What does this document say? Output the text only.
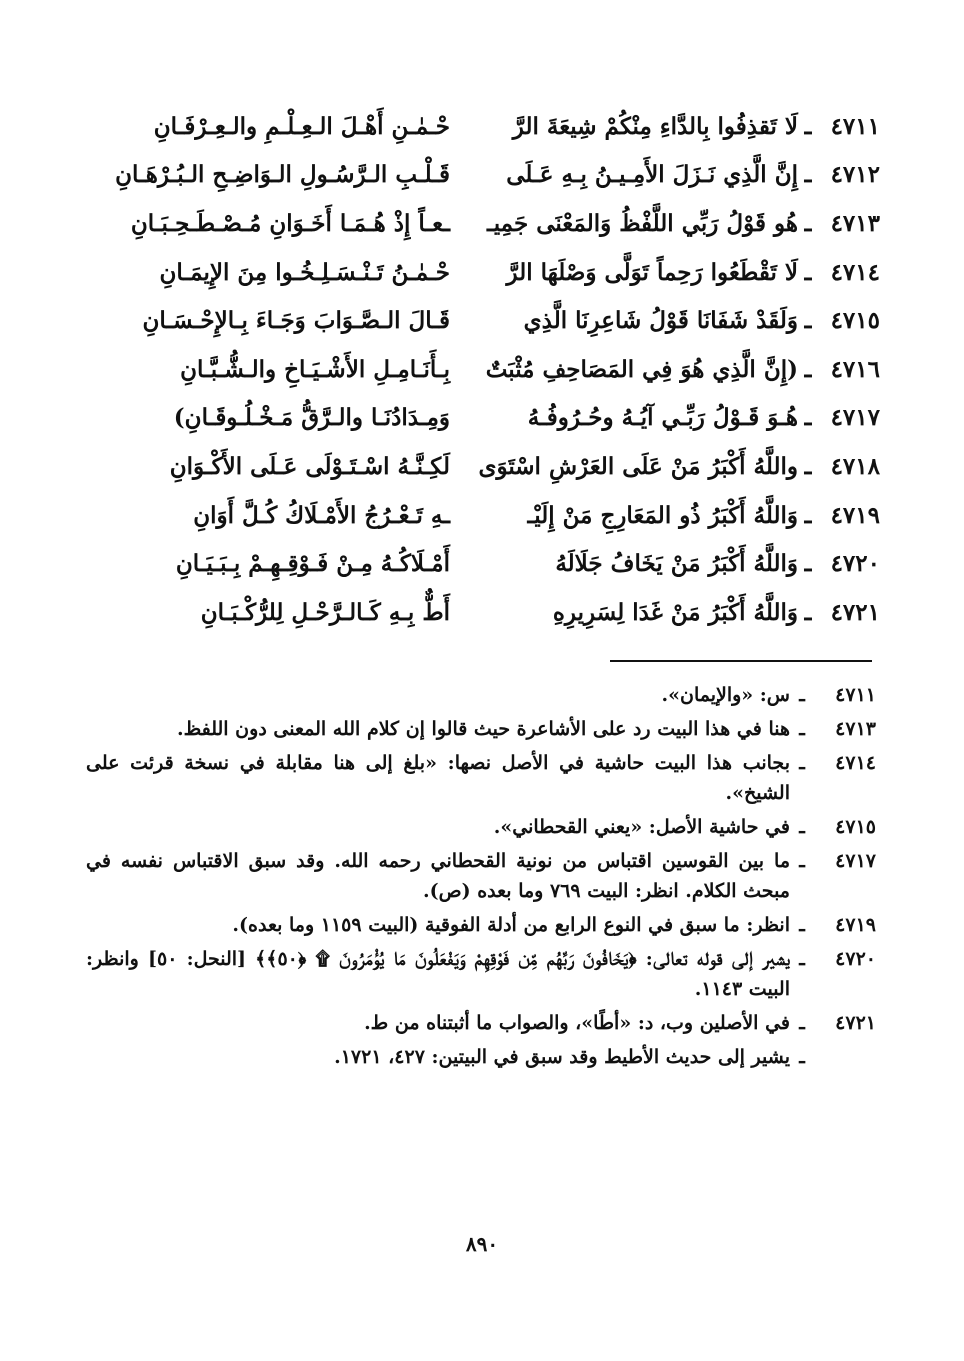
٤٧١١
ـ
لَا تَقذِفُوا بِالدَّاءِ مِنْكُمْ شِيعَةَ الرَّ
حْـمٰـنِ أَهْـلَ الـعِـلْـمِ والـعِـرْفَـانِ
٤٧١٢
ـ
إِنَّ الَّذِي نَـزَلَ الأَمِـيـنُ بِـهِ عَـلَى
قَـلْـبِ الـرَّسُـولِ الـوَاضِـحِ الـبُـرْهَـانِ
٤٧١٣
ـ
هُو قَوْلُ رَبِّي اللَّفْظُ وَالمَعْنَى جَمِيـ
ـعـاً إِذْ هُـمَـا أَخَـوَانِ مُـصْـطَـحِـبَـانِ
٤٧١٤
ـ
لَا تَقْطَعُوا رَحِماً تَوَلَّى وَصْلَهَا الرَّ
حْـمٰـنُ تَـنْـسَـلِـخُـوا مِنَ الإِيمَـانِ
٤٧١٥
ـ
وَلَقَدْ شَفَانَا قَوْلُ شَاعِرِنَا الَّذِي
قَـالَ الـصَّـوَابَ وَجَـاءَ بِـالإِحْـسَـانِ
٤٧١٦
ـ
(إِنَّ الَّذِي هُوَ فِي المَصَاحِفِ مُثْبَتٌ
بِـأَنَـامِـلِ الأَشْـيَـاخِ والـشُّـبَّـانِ
٤٧١٧
ـ
هُـوَ قَـوْلُ رَبِّـي آيُـهُ وحُـرُوفُـهُ
وَمِـدَادُنَـا والـرَّقُّ مَـخْـلُـوقَـانِ)
٤٧١٨
ـ
واللَّهُ أَكْبَرُ مَنْ عَلَى العَرْشِ اسْتَوَى
لَكِـنَّـهُ اسْـتَـوْلَى عَـلَى الأَكْـوَانِ
٤٧١٩
ـ
وَاللَّهُ أَكْبَرُ ذُو المَعَارِجِ مَنْ إِلَيْـ
ـهِ تَـعْـرُجُ الأَمْـلَاكُ كُـلَّ أَوَانِ
٤٧٢٠
ـ
وَاللَّهُ أَكْبَرُ مَنْ يَخَافُ جَلَالَهُ
أَمْـلَاكُـهُ مِـنْ فَـوْقِـهِـمْ بِـبَـيَـانِ
٤٧٢١
ـ
وَاللَّهُ أَكْبَرُ مَنْ غَدَا لِسَرِيرِهِ
أَطٌّ بِـهِ كَـالـرَّحْـلِ لِلرُّكْـبَـانِ
٤٧١١
ـ
س: «والإيمان».
٤٧١٣
ـ
هنا في هذا البيت رد على الأشاعرة حيث قالوا إن كلام الله المعنى دون اللفظ.
٤٧١٤
ـ
بجانب هذا البيت حاشية في الأصل نصها: «بلغ إلى هنا مقابلة في نسخة قرئت على الشيخ».
٤٧١٥
ـ
في حاشية الأصل: «يعني القحطاني».
٤٧١٧
ـ
ما بين القوسين اقتباس من نونية القحطاني رحمه الله. وقد سبق الاقتباس نفسه في مبحث الكلام. انظر: البيت ٧٦٩ وما بعده (ص).
٤٧١٩
ـ
انظر: ما سبق في النوع الرابع من أدلة الفوقية (البيت ١١٥٩ وما بعده).
٤٧٢٠
ـ
يشير إلى قوله تعالى: ﴿يَخَافُونَ رَبَّهُم مِّن فَوْقِهِمْ وَيَفْعَلُونَ مَا يُؤْمَرُونَ ۩ ﴿٥٠﴾﴾ [النحل: ٥٠] وانظر: البيت ١١٤٣.
٤٧٢١
ـ
في الأصلين وب، د: «أطًا»، والصواب ما أثبتناه من ط.
ـ
يشير إلى حديث الأطيط وقد سبق في البيتين: ٤٢٧، ١٧٢١.
٨٩٠
